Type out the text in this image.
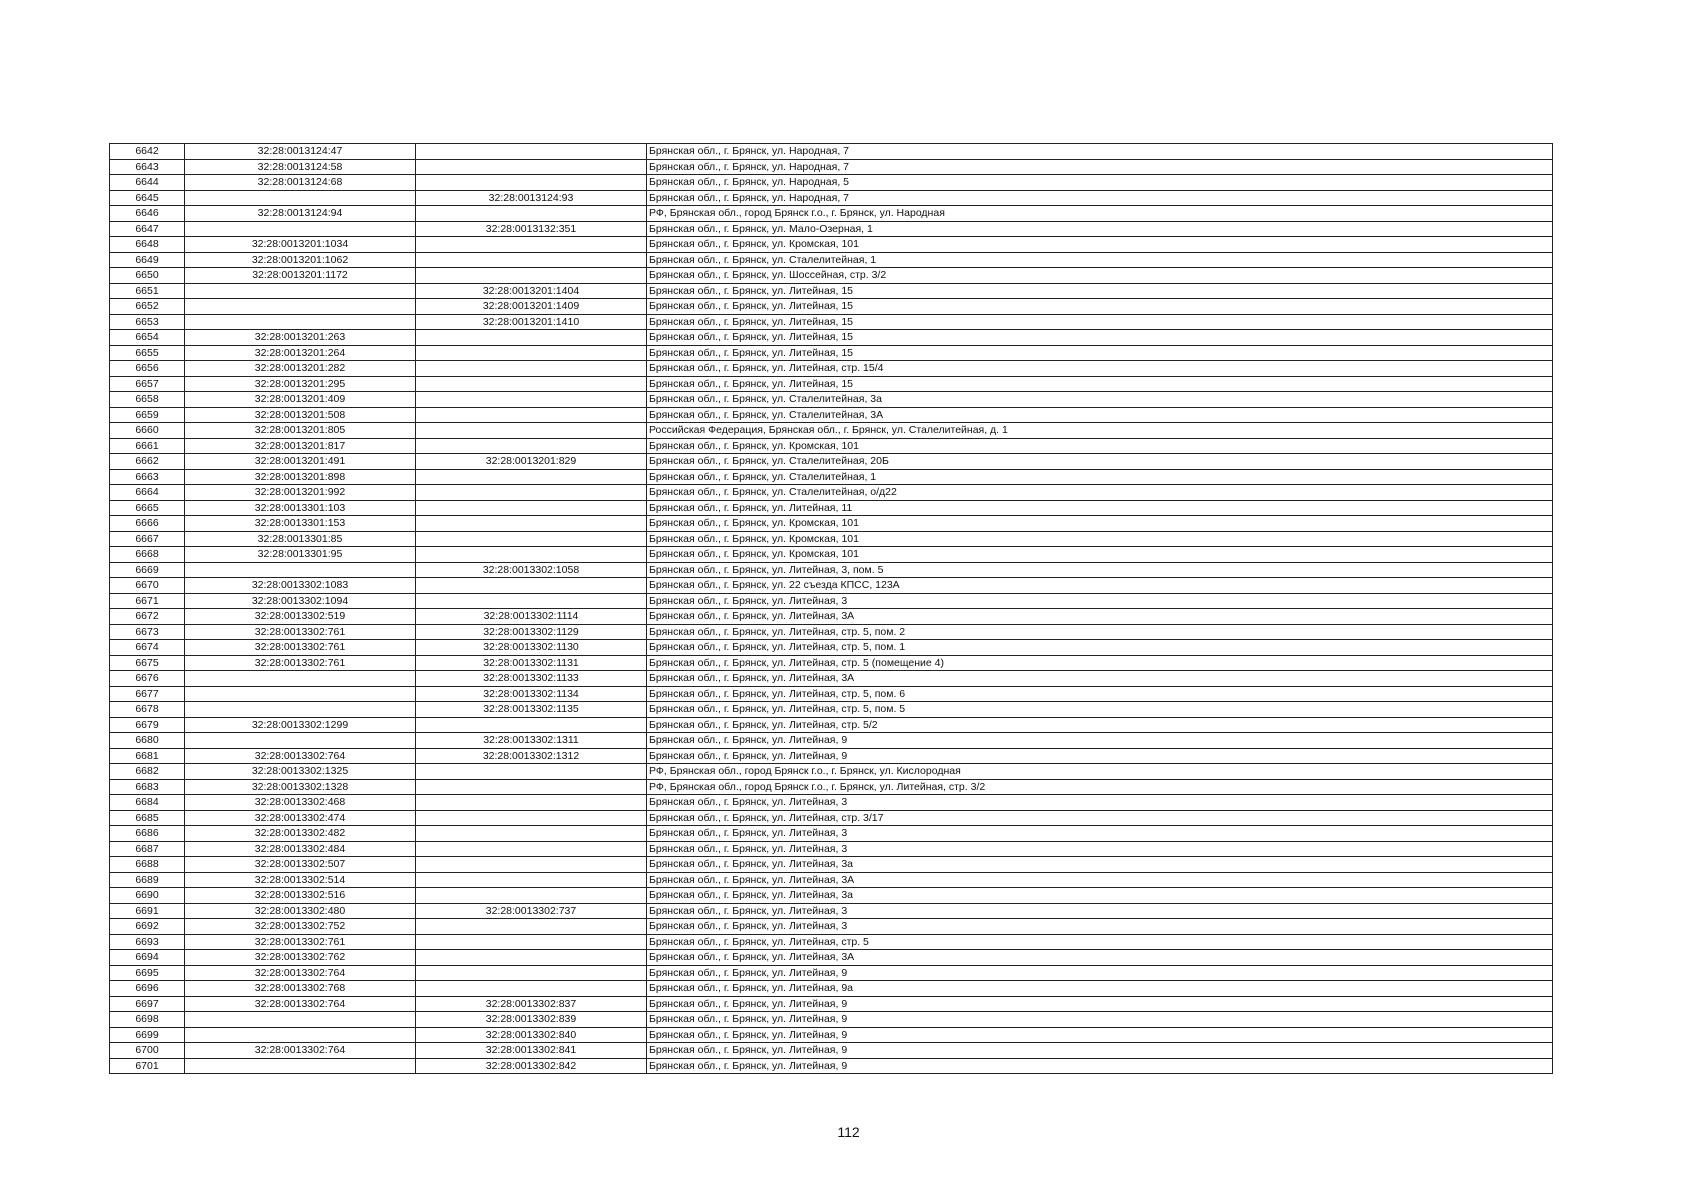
6642	32:28:0013124:47		Брянская обл., г. Брянск, ул. Народная, 7
6643	32:28:0013124:58		Брянская обл., г. Брянск, ул. Народная, 7
6644	32:28:0013124:68		Брянская обл., г. Брянск, ул. Народная, 5
6645		32:28:0013124:93	Брянская обл., г. Брянск, ул. Народная, 7
6646	32:28:0013124:94		РФ, Брянская обл., город Брянск г.о., г. Брянск, ул. Народная
6647		32:28:0013132:351	Брянская обл., г. Брянск, ул. Мало-Озерная, 1
6648	32:28:0013201:1034		Брянская обл., г. Брянск, ул. Кромская, 101
6649	32:28:0013201:1062		Брянская обл., г. Брянск, ул. Сталелитейная, 1
6650	32:28:0013201:1172		Брянская обл., г. Брянск, ул. Шоссейная, стр. 3/2
6651		32:28:0013201:1404	Брянская обл., г. Брянск, ул. Литейная, 15
6652		32:28:0013201:1409	Брянская обл., г. Брянск, ул. Литейная, 15
6653		32:28:0013201:1410	Брянская обл., г. Брянск, ул. Литейная, 15
6654	32:28:0013201:263		Брянская обл., г. Брянск, ул. Литейная, 15
6655	32:28:0013201:264		Брянская обл., г. Брянск, ул. Литейная, 15
6656	32:28:0013201:282		Брянская обл., г. Брянск, ул. Литейная, стр. 15/4
6657	32:28:0013201:295		Брянская обл., г. Брянск, ул. Литейная, 15
6658	32:28:0013201:409		Брянская обл., г. Брянск, ул. Сталелитейная, 3а
6659	32:28:0013201:508		Брянская обл., г. Брянск, ул. Сталелитейная, 3А
6660	32:28:0013201:805		Российская Федерация, Брянская обл., г. Брянск, ул. Сталелитейная, д. 1
6661	32:28:0013201:817		Брянская обл., г. Брянск, ул. Кромская, 101
6662	32:28:0013201:491	32:28:0013201:829	Брянская обл., г. Брянск, ул. Сталелитейная, 20Б
6663	32:28:0013201:898		Брянская обл., г. Брянск, ул. Сталелитейная, 1
6664	32:28:0013201:992		Брянская обл., г. Брянск, ул. Сталелитейная, о/д22
6665	32:28:0013301:103		Брянская обл., г. Брянск, ул. Литейная, 11
6666	32:28:0013301:153		Брянская обл., г. Брянск, ул. Кромская, 101
6667	32:28:0013301:85		Брянская обл., г. Брянск, ул. Кромская, 101
6668	32:28:0013301:95		Брянская обл., г. Брянск, ул. Кромская, 101
6669		32:28:0013302:1058	Брянская обл., г. Брянск, ул. Литейная, 3, пом. 5
6670	32:28:0013302:1083		Брянская обл., г. Брянск, ул. 22 съезда КПСС, 123А
6671	32:28:0013302:1094		Брянская обл., г. Брянск, ул. Литейная, 3
6672	32:28:0013302:519	32:28:0013302:1114	Брянская обл., г. Брянск, ул. Литейная, 3А
6673	32:28:0013302:761	32:28:0013302:1129	Брянская обл., г. Брянск, ул. Литейная, стр. 5, пом. 2
6674	32:28:0013302:761	32:28:0013302:1130	Брянская обл., г. Брянск, ул. Литейная, стр. 5, пом. 1
6675	32:28:0013302:761	32:28:0013302:1131	Брянская обл., г. Брянск, ул. Литейная, стр. 5 (помещение 4)
6676		32:28:0013302:1133	Брянская обл., г. Брянск, ул. Литейная, 3А
6677		32:28:0013302:1134	Брянская обл., г. Брянск, ул. Литейная, стр. 5, пом. 6
6678		32:28:0013302:1135	Брянская обл., г. Брянск, ул. Литейная, стр. 5, пом. 5
6679	32:28:0013302:1299		Брянская обл., г. Брянск, ул. Литейная, стр. 5/2
6680		32:28:0013302:1311	Брянская обл., г. Брянск, ул. Литейная, 9
6681	32:28:0013302:764	32:28:0013302:1312	Брянская обл., г. Брянск, ул. Литейная, 9
6682	32:28:0013302:1325		РФ, Брянская обл., город Брянск г.о., г. Брянск, ул. Кислородная
6683	32:28:0013302:1328		РФ, Брянская обл., город Брянск г.о., г. Брянск, ул. Литейная, стр. 3/2
6684	32:28:0013302:468		Брянская обл., г. Брянск, ул. Литейная, 3
6685	32:28:0013302:474		Брянская обл., г. Брянск, ул. Литейная, стр. 3/17
6686	32:28:0013302:482		Брянская обл., г. Брянск, ул. Литейная, 3
6687	32:28:0013302:484		Брянская обл., г. Брянск, ул. Литейная, 3
6688	32:28:0013302:507		Брянская обл., г. Брянск, ул. Литейная, 3а
6689	32:28:0013302:514		Брянская обл., г. Брянск, ул. Литейная, 3А
6690	32:28:0013302:516		Брянская обл., г. Брянск, ул. Литейная, 3а
6691	32:28:0013302:480	32:28:0013302:737	Брянская обл., г. Брянск, ул. Литейная, 3
6692	32:28:0013302:752		Брянская обл., г. Брянск, ул. Литейная, 3
6693	32:28:0013302:761		Брянская обл., г. Брянск, ул. Литейная, стр. 5
6694	32:28:0013302:762		Брянская обл., г. Брянск, ул. Литейная, 3А
6695	32:28:0013302:764		Брянская обл., г. Брянск, ул. Литейная, 9
6696	32:28:0013302:768		Брянская обл., г. Брянск, ул. Литейная, 9а
6697	32:28:0013302:764	32:28:0013302:837	Брянская обл., г. Брянск, ул. Литейная, 9
6698		32:28:0013302:839	Брянская обл., г. Брянск, ул. Литейная, 9
6699		32:28:0013302:840	Брянская обл., г. Брянск, ул. Литейная, 9
6700	32:28:0013302:764	32:28:0013302:841	Брянская обл., г. Брянск, ул. Литейная, 9
6701		32:28:0013302:842	Брянская обл., г. Брянск, ул. Литейная, 9
112
